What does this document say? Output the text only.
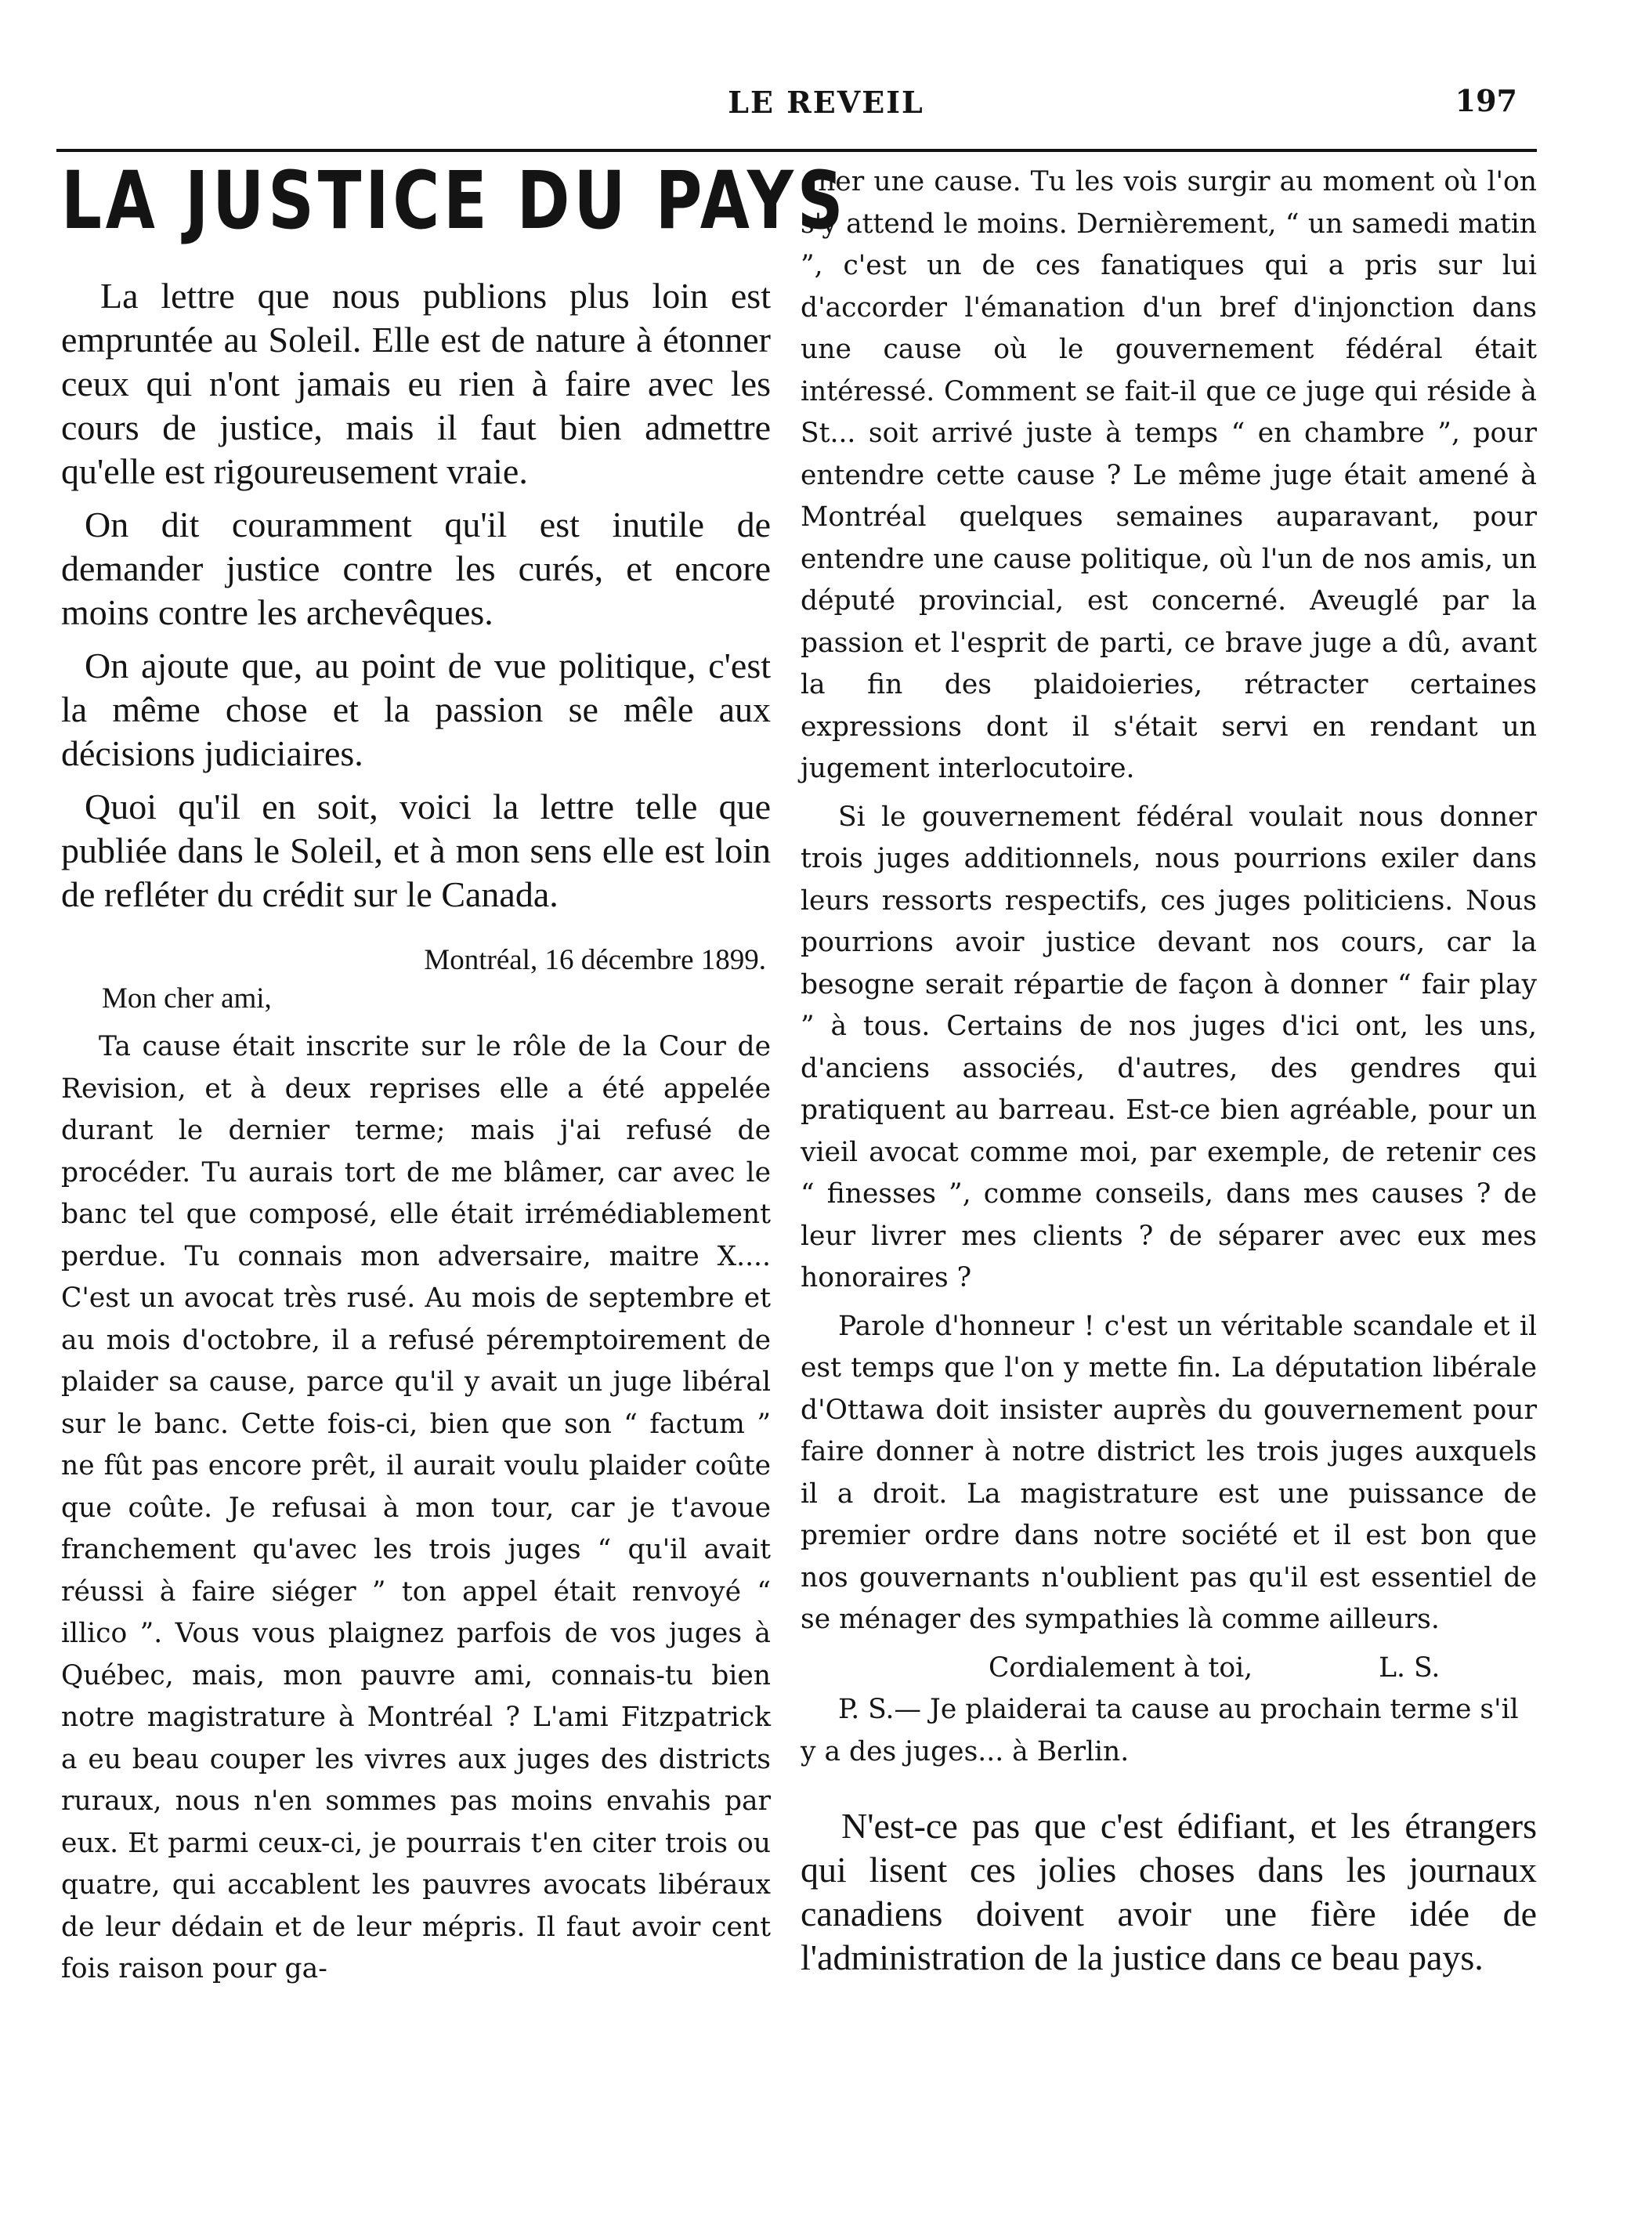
LE REVEIL	197
LA JUSTICE DU PAYS

La lettre que nous publions plus loin est empruntée au Soleil. Elle est de nature à étonner ceux qui n'ont jamais eu rien à faire avec les cours de justice, mais il faut bien admettre qu'elle est rigoureusement vraie.

On dit couramment qu'il est inutile de demander justice contre les curés, et encore moins contre les archevêques.

On ajoute que, au point de vue politique, c'est la même chose et la passion se mêle aux décisions judiciaires.

Quoi qu'il en soit, voici la lettre telle que publiée dans le Soleil, et à mon sens elle est loin de refléter du crédit sur le Canada.

Montréal, 16 décembre 1899.
Mon cher ami,

Ta cause était inscrite sur le rôle de la Cour de Revision, et à deux reprises elle a été appelée durant le dernier terme; mais j'ai refusé de procéder. Tu aurais tort de me blâmer, car avec le banc tel que composé, elle était irrémédiablement perdue. Tu connais mon adversaire, maitre X.... C'est un avocat très rusé. Au mois de septembre et au mois d'octobre, il a refusé péremptoirement de plaider sa cause, parce qu'il y avait un juge libéral sur le banc. Cette fois-ci, bien que son “ factum ” ne fût pas encore prêt, il aurait voulu plaider coûte que coûte. Je refusai à mon tour, car je t'avoue franchement qu'avec les trois juges “ qu'il avait réussi à faire siéger ” ton appel était renvoyé “ illico ”. Vous vous plaignez parfois de vos juges à Québec, mais, mon pauvre ami, connais-tu bien notre magistrature à Montréal ? L'ami Fitzpatrick a eu beau couper les vivres aux juges des districts ruraux, nous n'en sommes pas moins envahis par eux. Et parmi ceux-ci, je pourrais t'en citer trois ou quatre, qui accablent les pauvres avocats libéraux de leur dédain et de leur mépris. Il faut avoir cent fois raison pour ga-

gner une cause. Tu les vois surgir au moment où l'on s'y attend le moins. Dernièrement, “ un samedi matin ”, c'est un de ces fanatiques qui a pris sur lui d'accorder l'émanation d'un bref d'injonction dans une cause où le gouvernement fédéral était intéressé. Comment se fait-il que ce juge qui réside à St... soit arrivé juste à temps “ en chambre ”, pour entendre cette cause ? Le même juge était amené à Montréal quelques semaines auparavant, pour entendre une cause politique, où l'un de nos amis, un député provincial, est concerné. Aveuglé par la passion et l'esprit de parti, ce brave juge a dû, avant la fin des plaidoieries, rétracter certaines expressions dont il s'était servi en rendant un jugement interlocutoire.

Si le gouvernement fédéral voulait nous donner trois juges additionnels, nous pourrions exiler dans leurs ressorts respectifs, ces juges politiciens. Nous pourrions avoir justice devant nos cours, car la besogne serait répartie de façon à donner “ fair play ” à tous. Certains de nos juges d'ici ont, les uns, d'anciens associés, d'autres, des gendres qui pratiquent au barreau. Est-ce bien agréable, pour un vieil avocat comme moi, par exemple, de retenir ces “ finesses ”, comme conseils, dans mes causes ? de leur livrer mes clients ? de séparer avec eux mes honoraires ?

Parole d'honneur ! c'est un véritable scandale et il est temps que l'on y mette fin. La députation libérale d'Ottawa doit insister auprès du gouvernement pour faire donner à notre district les trois juges auxquels il a droit. La magistrature est une puissance de premier ordre dans notre société et il est bon que nos gouvernants n'oublient pas qu'il est essentiel de se ménager des sympathies là comme ailleurs.

Cordialement à toi,	L. S.

P. S.— Je plaiderai ta cause au prochain terme s'il y a des juges... à Berlin.

N'est-ce pas que c'est édifiant, et les étrangers qui lisent ces jolies choses dans les journaux canadiens doivent avoir une fière idée de l'administration de la justice dans ce beau pays.
